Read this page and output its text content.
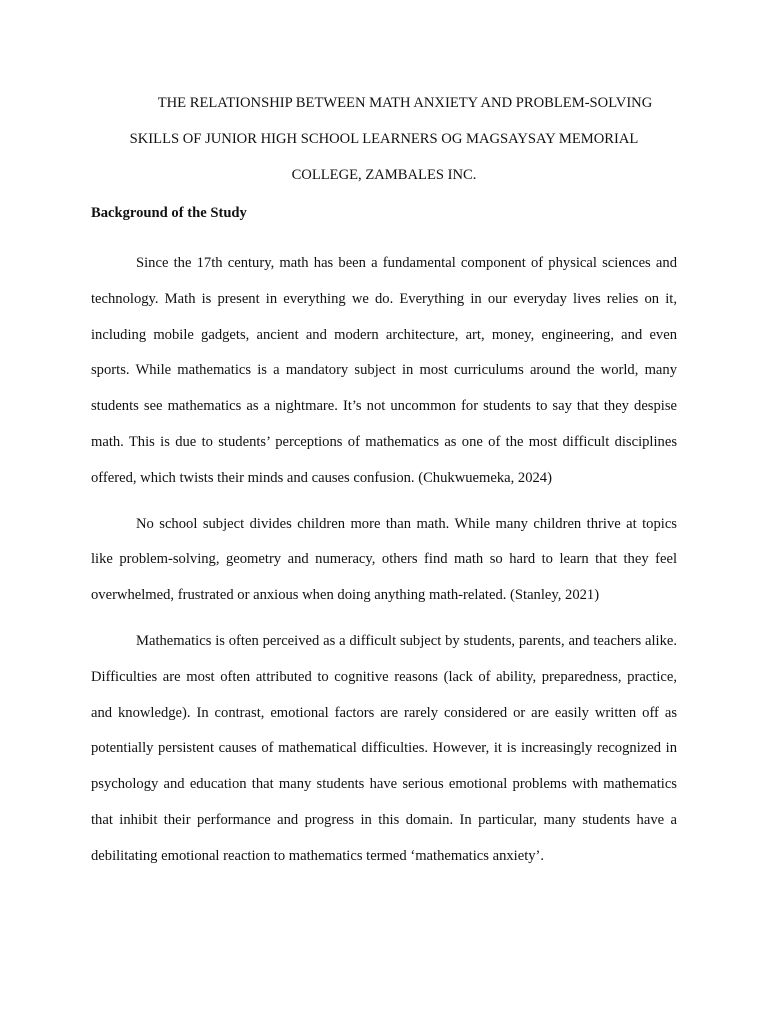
THE RELATIONSHIP BETWEEN MATH ANXIETY AND PROBLEM-SOLVING
SKILLS OF JUNIOR HIGH SCHOOL LEARNERS OG MAGSAYSAY MEMORIAL
COLLEGE, ZAMBALES INC.
Background of the Study

Since the 17th century, math has been a fundamental component of physical sciences and technology. Math is present in everything we do. Everything in our everyday lives relies on it, including mobile gadgets, ancient and modern architecture, art, money, engineering, and even sports. While mathematics is a mandatory subject in most curriculums around the world, many students see mathematics as a nightmare. It’s not uncommon for students to say that they despise math. This is due to students’ perceptions of mathematics as one of the most difficult disciplines offered, which twists their minds and causes confusion. (Chukwuemeka, 2024)

No school subject divides children more than math. While many children thrive at topics like problem-solving, geometry and numeracy, others find math so hard to learn that they feel overwhelmed, frustrated or anxious when doing anything math-related. (Stanley, 2021)

Mathematics is often perceived as a difficult subject by students, parents, and teachers alike. Difficulties are most often attributed to cognitive reasons (lack of ability, preparedness, practice, and knowledge). In contrast, emotional factors are rarely considered or are easily written off as potentially persistent causes of mathematical difficulties. However, it is increasingly recognized in psychology and education that many students have serious emotional problems with mathematics that inhibit their performance and progress in this domain. In particular, many students have a debilitating emotional reaction to mathematics termed ‘mathematics anxiety’.
